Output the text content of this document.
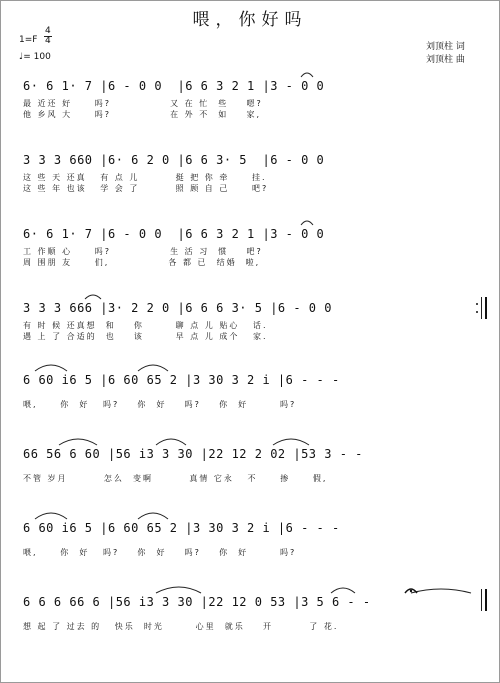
喂，你好吗
1=F
4
4
♩= 100
刘顶柱 词
刘顶柱 曲
6· 6 1· 7 |6 - 0 0  |6 6 3 2 1 |3 - 0 0
最 近还 好     吗?             又 在 忙  些    嗯?
他 乡风 大     吗?             在 外 不  如    家,
3 3 3 660 |6· 6 2 0 |6 6 3· 5  |6 - 0 0
这 些 天 还真   有 点 儿        挺 把 你 牵     挂.
这 些 年 也该   学 会 了        照 顾 自 己     吧?
6· 6 1· 7 |6 - 0 0  |6 6 3 2 1 |3 - 0 0
工 作顺 心     吗?             生 活 习  惯    吧?
周 围朋 友     们,             各 都 已  结婚  啦,
3 3 3 666 |3· 2 2 0 |6 6 6 3· 5 |6 - 0 0
有 时 候 还真想  和    你       聊 点 儿 贴心   话.
遇 上 了 合适的  也    该       早 点 儿 成个   家.
6 60 i6 5 |6 60 65 2 |3 30 3 2 i |6 - - -
喂,     你  好   吗?    你  好    吗?    你  好       吗?
66 56 6 60 |56 i3 3 30 |22 12 2 02 |53 3 - -
不管 岁月        怎么  变啊        真情 它永   不     掺     假,
6 60 i6 5 |6 60 65 2 |3 30 3 2 i |6 - - -
喂,     你  好   吗?    你  好    吗?    你  好       吗?
6 6 6 66 6 |56 i3 3 30 |22 12 0 53 |3 5 6 - -
想 起 了 过去 的   快乐  时光       心里  就乐    开        了 花.
